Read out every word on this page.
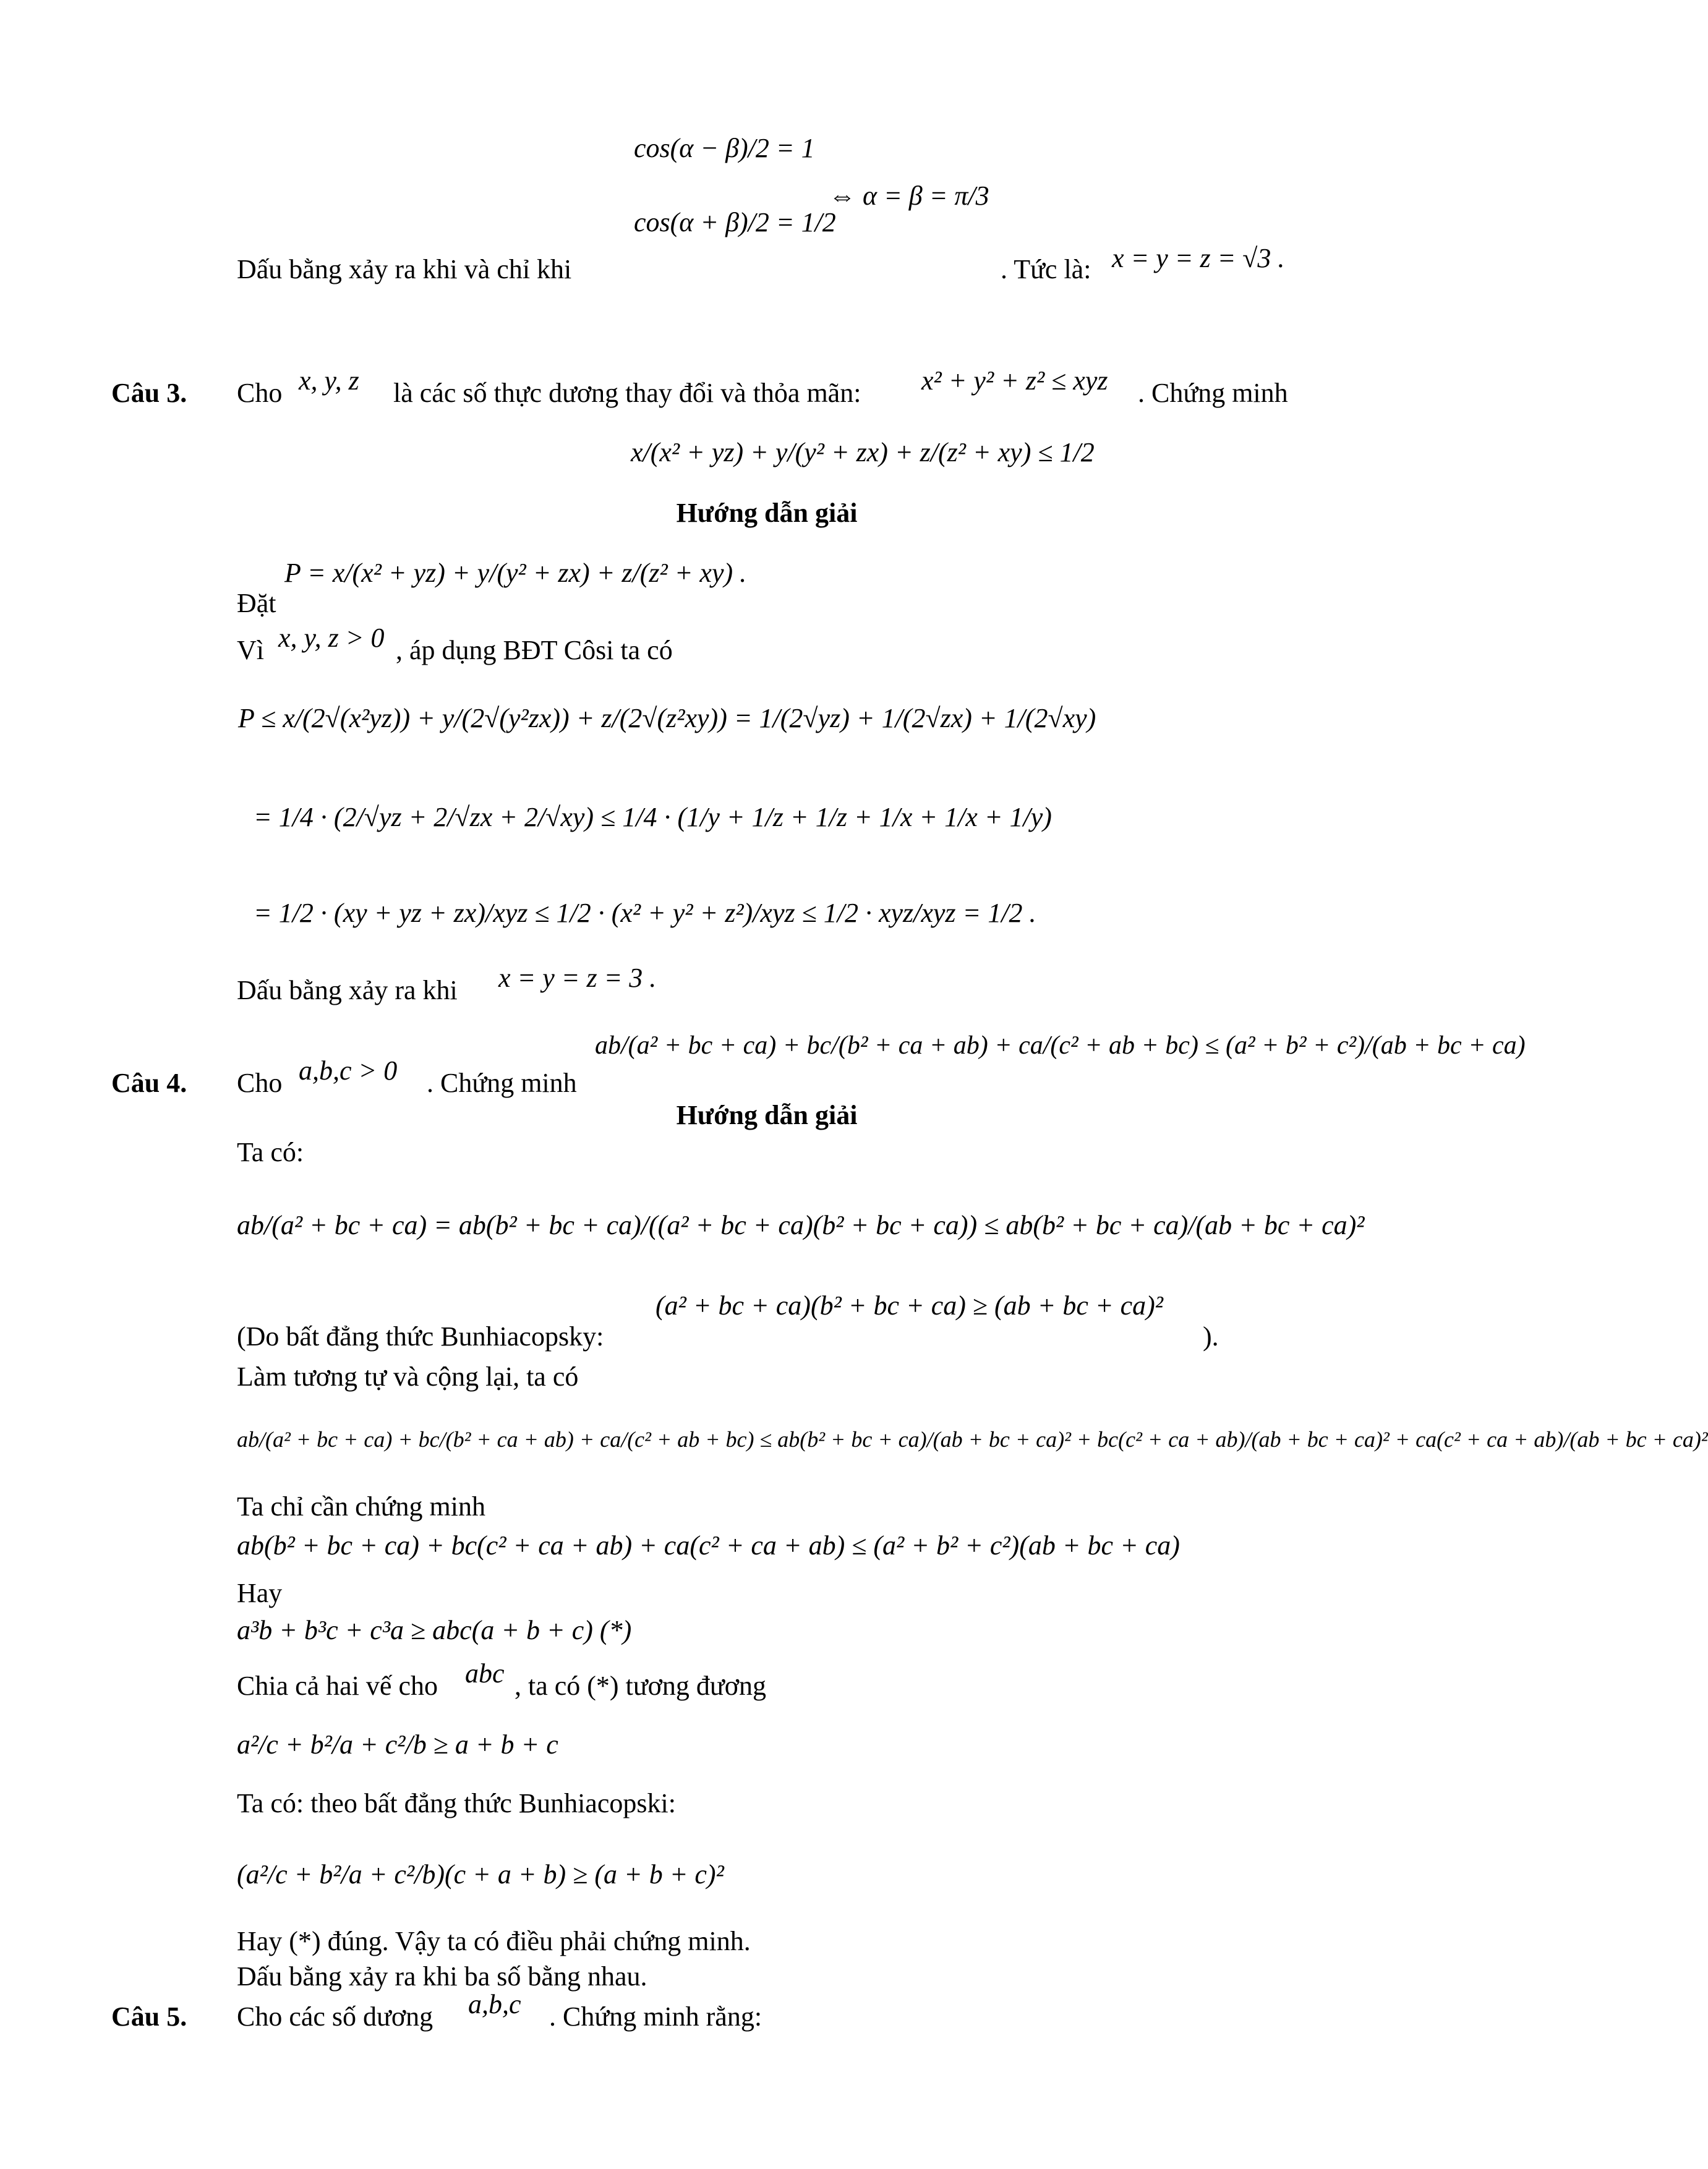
cos(α − β)/2 = 1
cos(α + β)/2 = 1/2
⇔ α = β = π/3
Dấu bằng xảy ra khi và chỉ khi	. Tức là: x = y = z = √3 .
Câu 3. Cho x, y, z là các số thực dương thay đổi và thỏa mãn: x² + y² + z² ≤ xyz . Chứng minh
x/(x² + yz) + y/(y² + zx) + z/(z² + xy) ≤ 1/2
Hướng dẫn giải
P = x/(x² + yz) + y/(y² + zx) + z/(z² + xy) .
Đặt
Vì x, y, z > 0 , áp dụng BĐT Côsi ta có
P ≤ x/(2√(x²yz)) + y/(2√(y²zx)) + z/(2√(z²xy)) = 1/(2√yz) + 1/(2√zx) + 1/(2√xy)
= 1/4 · (2/√yz + 2/√zx + 2/√xy) ≤ 1/4 · (1/y + 1/z + 1/z + 1/x + 1/x + 1/y)
= 1/2 · (xy + yz + zx)/xyz ≤ 1/2 · (x² + y² + z²)/xyz ≤ 1/2 · xyz/xyz = 1/2 .
Dấu bằng xảy ra khi x = y = z = 3 .
Câu 4. Cho a,b,c > 0 . Chứng minh
ab/(a² + bc + ca) + bc/(b² + ca + ab) + ca/(c² + ab + bc) ≤ (a² + b² + c²)/(ab + bc + ca)
Hướng dẫn giải
Ta có:
ab/(a² + bc + ca) = ab(b² + bc + ca)/((a² + bc + ca)(b² + bc + ca)) ≤ ab(b² + bc + ca)/(ab + bc + ca)²
(Do bất đẳng thức Bunhiacopsky:
(a² + bc + ca)(b² + bc + ca) ≥ (ab + bc + ca)²
).
Làm tương tự và cộng lại, ta có
ab/(a² + bc + ca) + bc/(b² + ca + ab) + ca/(c² + ab + bc) ≤ ab(b² + bc + ca)/(ab + bc + ca)² + bc(c² + ca + ab)/(ab + bc + ca)² + ca(c² + ca + ab)/(ab + bc + ca)²
Ta chỉ cần chứng minh
ab(b² + bc + ca) + bc(c² + ca + ab) + ca(c² + ca + ab) ≤ (a² + b² + c²)(ab + bc + ca)
Hay
a³b + b³c + c³a ≥ abc(a + b + c) (*)
Chia cả hai vế cho abc , ta có (*) tương đương
a²/c + b²/a + c²/b ≥ a + b + c
Ta có: theo bất đẳng thức Bunhiacopski:
(a²/c + b²/a + c²/b)(c + a + b) ≥ (a + b + c)²
Hay (*) đúng. Vậy ta có điều phải chứng minh.
Dấu bằng xảy ra khi ba số bằng nhau.
Câu 5. Cho các số dương a,b,c . Chứng minh rằng:
